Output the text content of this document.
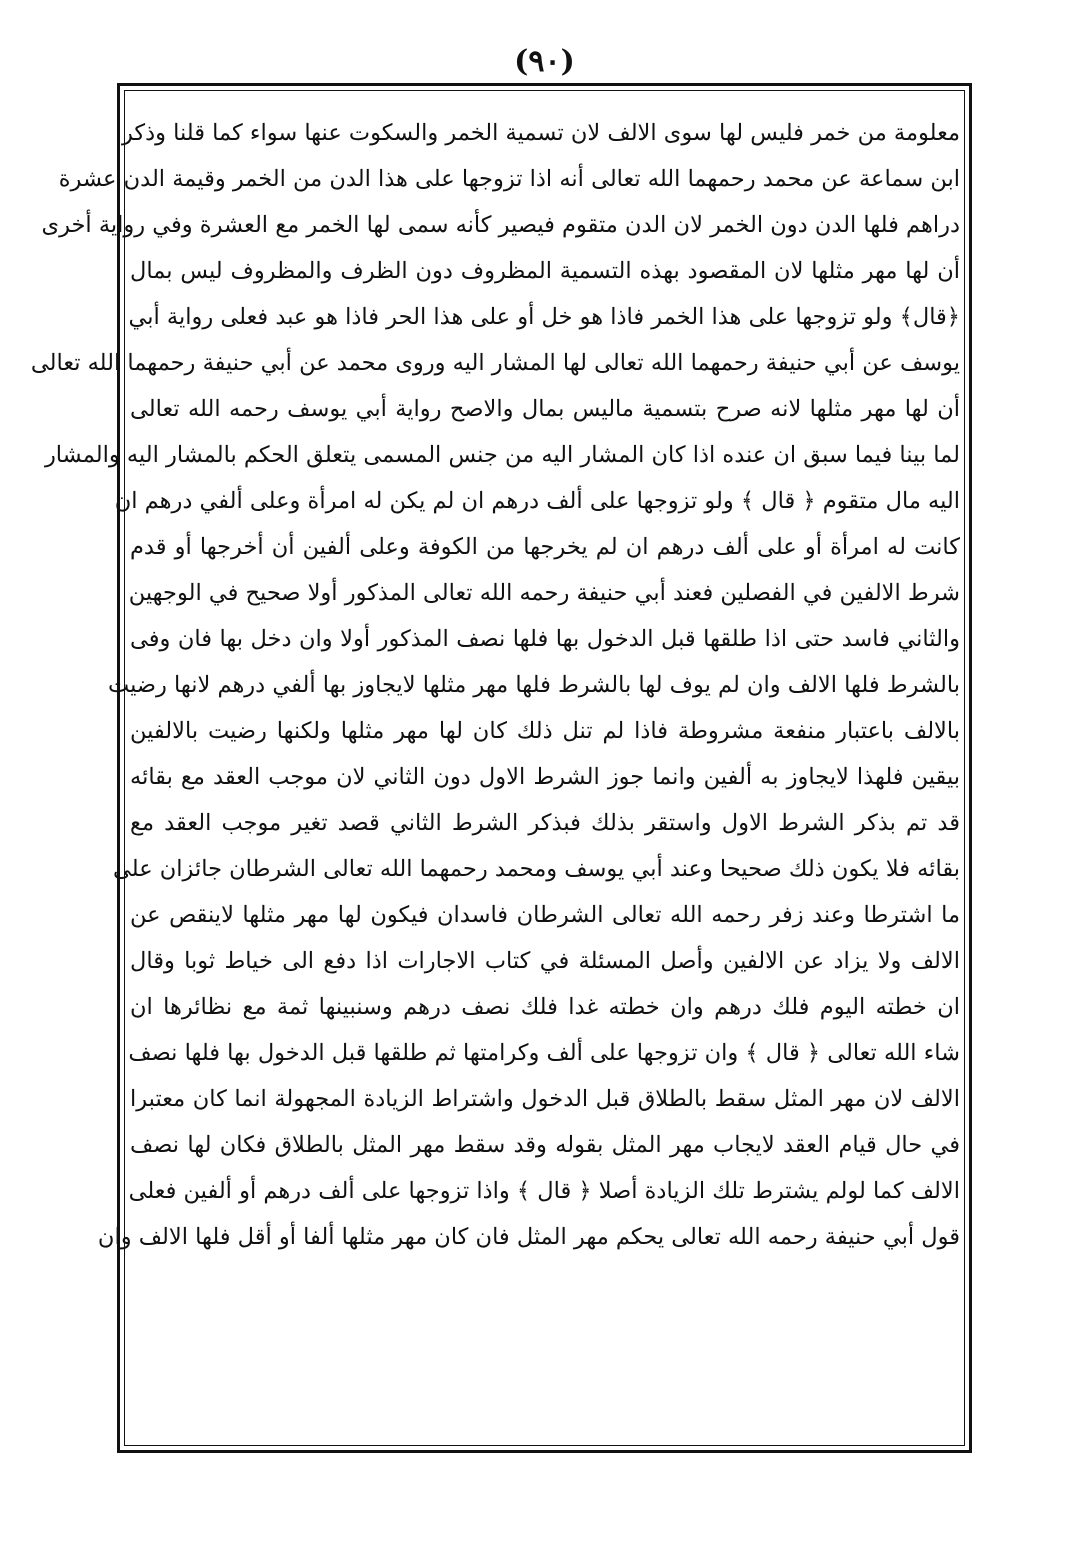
(٩٠)
معلومة من خمر فليس لها سوى الالف لان تسمية الخمر والسكوت عنها سواء كما قلنا وذكر
ابن سماعة عن محمد رحمهما الله تعالى أنه اذا تزوجها على هذا الدن من الخمر وقيمة الدن عشرة
دراهم فلها الدن دون الخمر لان الدن متقوم فيصير كأنه سمى لها الخمر مع العشرة وفي رواية أخرى
أن لها مهر مثلها لان المقصود بهذه التسمية المظروف دون الظرف والمظروف ليس بمال
﴿قال﴾ ولو تزوجها على هذا الخمر فاذا هو خل أو على هذا الحر فاذا هو عبد فعلى رواية أبي
يوسف عن أبي حنيفة رحمهما الله تعالى لها المشار اليه وروى محمد عن أبي حنيفة رحمهما الله تعالى
أن لها مهر مثلها لانه صرح بتسمية ماليس بمال والاصح رواية أبي يوسف رحمه الله تعالى
لما بينا فيما سبق ان عنده اذا كان المشار اليه من جنس المسمى يتعلق الحكم بالمشار اليه والمشار
اليه مال متقوم ﴿ قال ﴾ ولو تزوجها على ألف درهم ان لم يكن له امرأة وعلى ألفي درهم ان
كانت له امرأة أو على ألف درهم ان لم يخرجها من الكوفة وعلى ألفين أن أخرجها أو قدم
شرط الالفين في الفصلين فعند أبي حنيفة رحمه الله تعالى المذكور أولا صحيح في الوجهين
والثاني فاسد حتى اذا طلقها قبل الدخول بها فلها نصف المذكور أولا وان دخل بها فان وفى
بالشرط فلها الالف وان لم يوف لها بالشرط فلها مهر مثلها لايجاوز بها ألفي درهم لانها رضيت
بالالف باعتبار منفعة مشروطة فاذا لم تنل ذلك كان لها مهر مثلها ولكنها رضيت بالالفين
بيقين فلهذا لايجاوز به ألفين وانما جوز الشرط الاول دون الثاني لان موجب العقد مع بقائه
قد تم بذكر الشرط الاول واستقر بذلك فبذكر الشرط الثاني قصد تغير موجب العقد مع
بقائه فلا يكون ذلك صحيحا وعند أبي يوسف ومحمد رحمهما الله تعالى الشرطان جائزان على
ما اشترطا وعند زفر رحمه الله تعالى الشرطان فاسدان فيكون لها مهر مثلها لاينقص عن
الالف ولا يزاد عن الالفين وأصل المسئلة في كتاب الاجارات اذا دفع الى خياط ثوبا وقال
ان خطته اليوم فلك درهم وان خطته غدا فلك نصف درهم وسنبينها ثمة مع نظائرها ان
شاء الله تعالى ﴿ قال ﴾ وان تزوجها على ألف وكرامتها ثم طلقها قبل الدخول بها فلها نصف
الالف لان مهر المثل سقط بالطلاق قبل الدخول واشتراط الزيادة المجهولة انما كان معتبرا
في حال قيام العقد لايجاب مهر المثل بقوله وقد سقط مهر المثل بالطلاق فكان لها نصف
الالف كما لولم يشترط تلك الزيادة أصلا ﴿ قال ﴾ واذا تزوجها على ألف درهم أو ألفين فعلى
قول أبي حنيفة رحمه الله تعالى يحكم مهر المثل فان كان مهر مثلها ألفا أو أقل فلها الالف وان
